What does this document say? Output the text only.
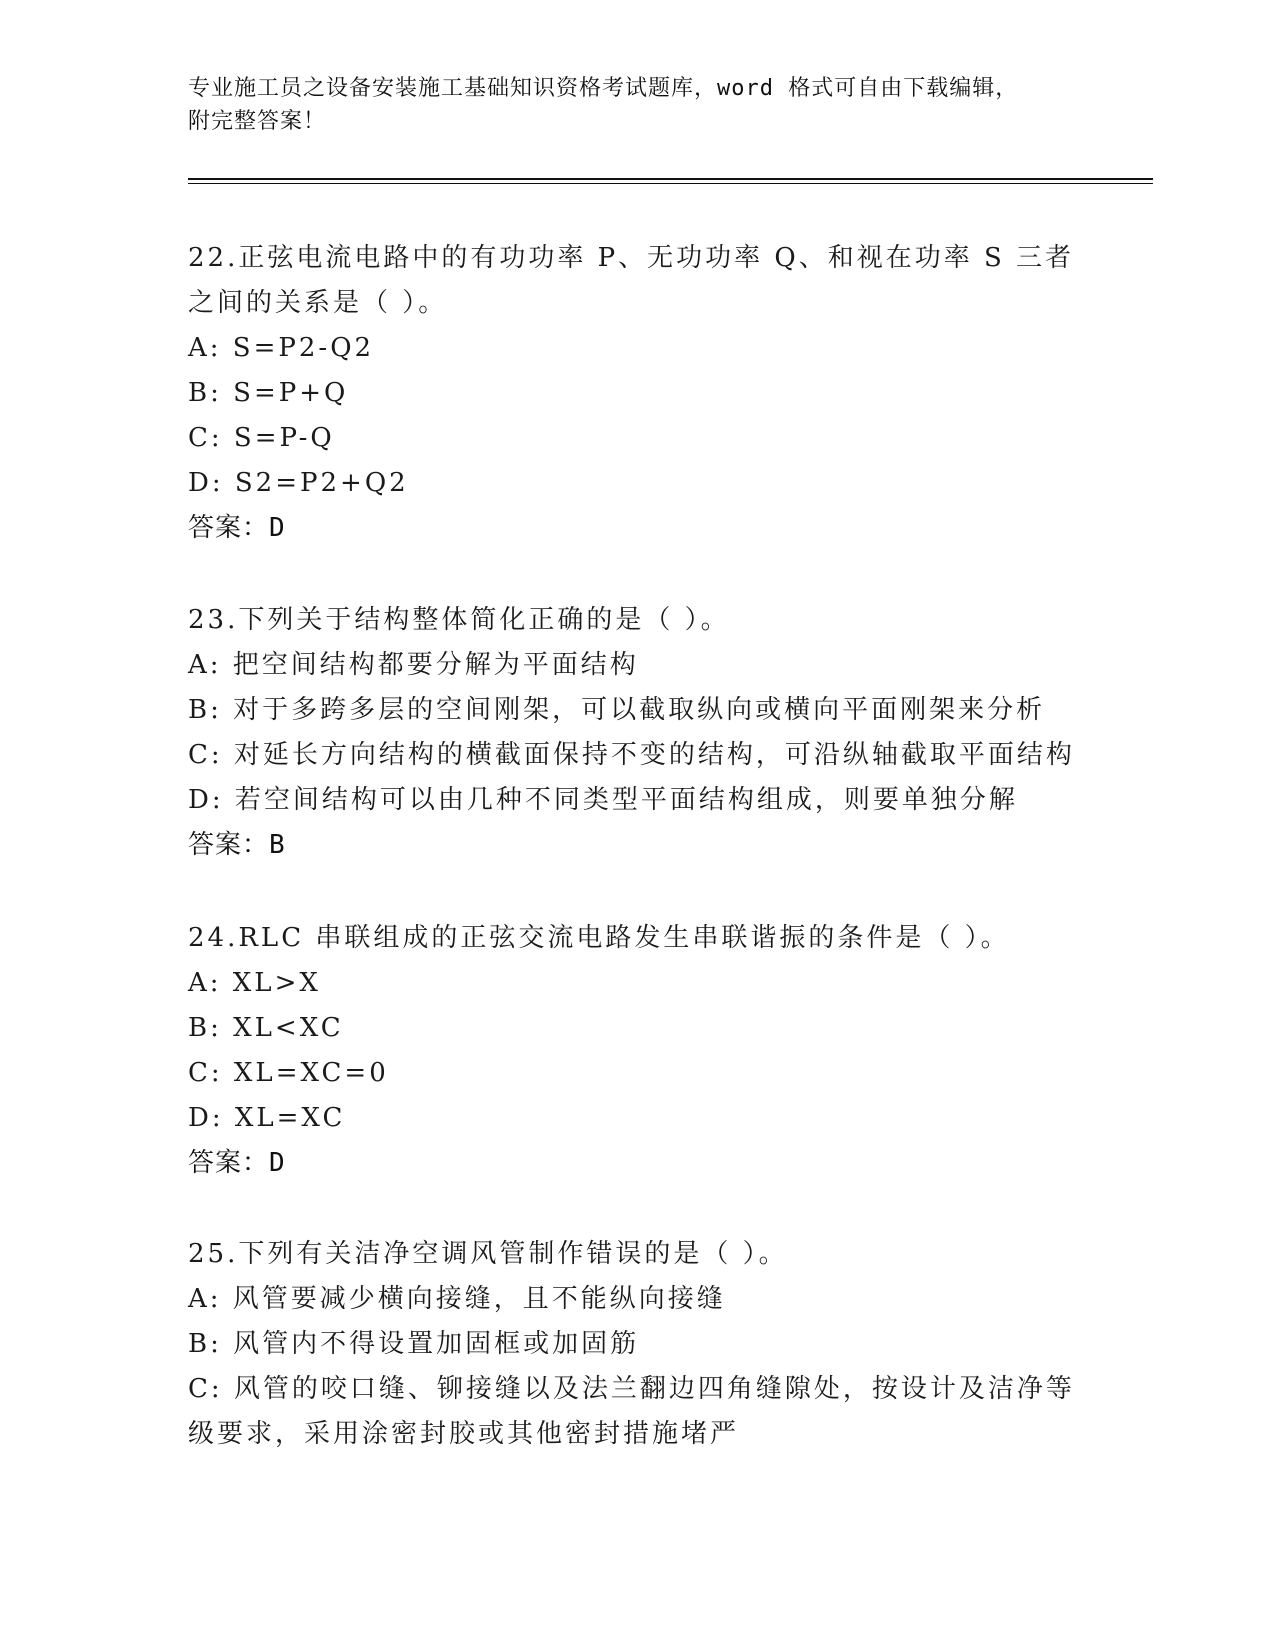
专业施工员之设备安装施工基础知识资格考试题库，word 格式可自由下载编辑，
附完整答案！

22.正弦电流电路中的有功功率 P、无功功率 Q、和视在功率 S 三者之间的关系是（ ）。

A: S=P2-Q2

B: S=P+Q

C: S=P-Q

D: S2=P2+Q2

答案：D

23.下列关于结构整体简化正确的是（ ）。

A: 把空间结构都要分解为平面结构

B: 对于多跨多层的空间刚架，可以截取纵向或横向平面刚架来分析

C: 对延长方向结构的横截面保持不变的结构，可沿纵轴截取平面结构

D: 若空间结构可以由几种不同类型平面结构组成，则要单独分解

答案：B

24.RLC 串联组成的正弦交流电路发生串联谐振的条件是（ ）。

A: XL>X

B: XL<XC

C: XL=XC=0

D: XL=XC

答案：D

25.下列有关洁净空调风管制作错误的是（ ）。

A: 风管要减少横向接缝，且不能纵向接缝

B: 风管内不得设置加固框或加固筋

C: 风管的咬口缝、铆接缝以及法兰翻边四角缝隙处，按设计及洁净等级要求，采用涂密封胶或其他密封措施堵严
